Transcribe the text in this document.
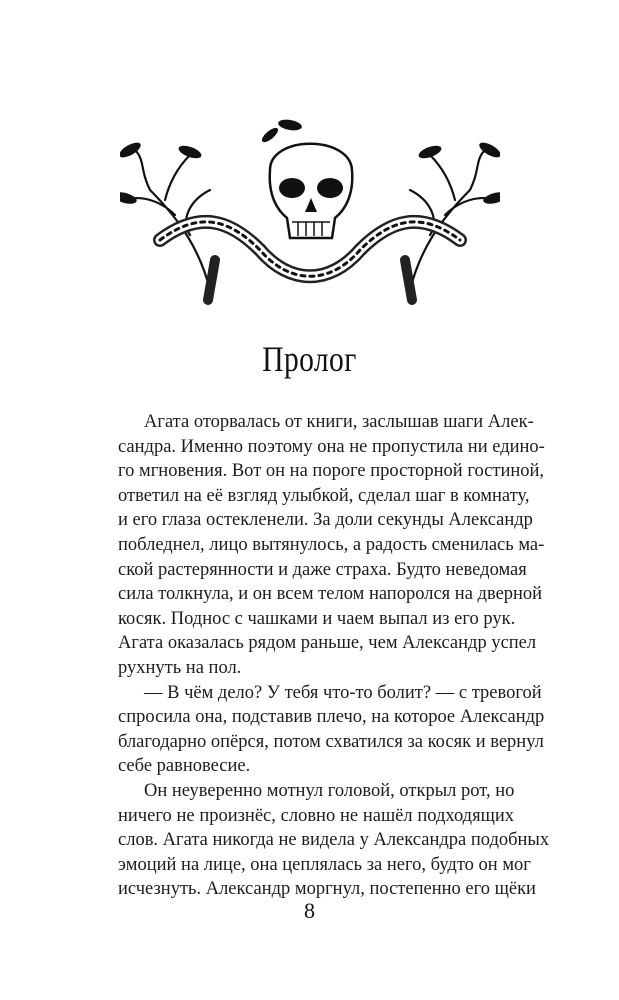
Пролог
Агата оторвалась от книги, заслышав шаги Алек-
сандра. Именно поэтому она не пропустила ни едино-
го мгновения. Вот он на пороге просторной гостиной,
ответил на её взгляд улыбкой, сделал шаг в комнату,
и его глаза остекленели. За доли секунды Александр
побледнел, лицо вытянулось, а радость сменилась ма-
ской растерянности и даже страха. Будто неведомая
сила толкнула, и он всем телом напоролся на дверной
косяк. Поднос с чашками и чаем выпал из его рук.
Агата оказалась рядом раньше, чем Александр успел
рухнуть на пол.
— В чём дело? У тебя что-то болит? — с тревогой
спросила она, подставив плечо, на которое Александр
благодарно опёрся, потом схватился за косяк и вернул
себе равновесие.
Он неуверенно мотнул головой, открыл рот, но
ничего не произнёс, словно не нашёл подходящих
слов. Агата никогда не видела у Александра подобных
эмоций на лице, она цеплялась за него, будто он мог
исчезнуть. Александр моргнул, постепенно его щёки
8
